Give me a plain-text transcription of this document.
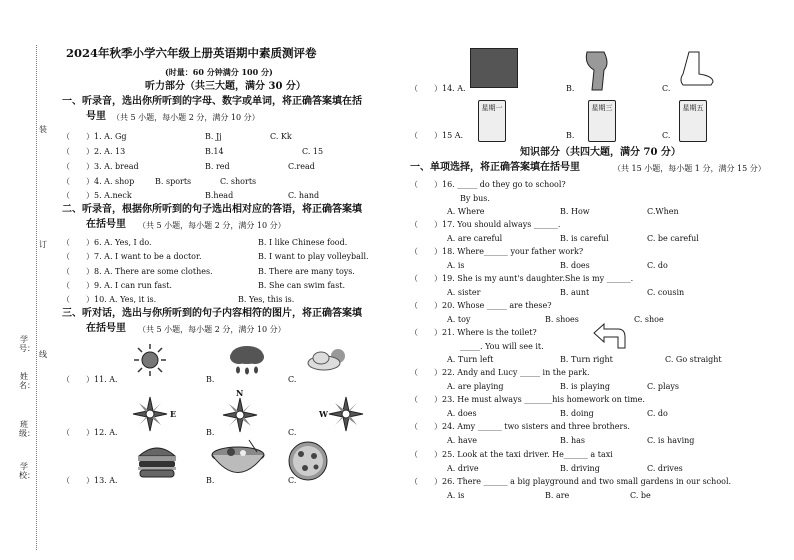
装
订
线
学号：
姓名：
班级：
学校：
2024年秋季小学六年级上册英语期中素质测评卷
(时量：60 分钟满分 100 分)
听力部分（共三大题，满分 30 分）
一、听录音，选出你所听到的字母、数字或单词，将正确答案填在括
号里 （共 5 小题，每小题 2 分，满分 10 分）
（　　）1. A. Gg	B. Jj	C. Kk
（　　）2. A. 13	B.14	C. 15
（　　）3. A. bread	B. red	C.read
（　　）4. A. shop	B. sports	C. shorts
（　　）5. A.neck	B.head	C. hand
二、听录音，根据你所听到的句子选出相对应的答语，将正确答案填
在括号里 （共 5 小题，每小题 2 分，满分 10 分）
（　　）6. A. Yes, I do.	B. I like Chinese food.
（　　）7. A. I want to be a doctor.	B. I want to play volleyball.
（　　）8. A. There are some clothes.	B. There are many toys.
（　　）9. A. I can run fast.	B. She can swim fast.
（　　）10. A. Yes, it is.	B. Yes, this is.
三、听对话，选出与你所听到的句子内容相符的图片，将正确答案填
在括号里 （共 5 小题，每小题 2 分，满分 10 分）
（　　）11. A.	B.	C.
（　　）12. A.	B.	C.
E
N
W
（　　）13. A.	B.	C.
（　　）14. A.	B.	C.
（　　）15 A.	B.	C.
星期一	星期三	星期五
知识部分（共四大题，满分 70 分）
一、单项选择，将正确答案填在括号里	（共 15 小题，每小题 1 分，满分 15 分）
（　　）16. _____ do they go to school?
By bus.
A. Where	B. How	C.When
（　　）17. You should always ______.
A. are careful	B. is careful	C. be careful
（　　）18. Where______ your father work?
A. is	B. does	C. do
（　　）19. She is my aunt's daughter.She is my ______.
A. sister	B. aunt	C. cousin
（　　）20. Whose _____ are these?
A. toy	B. shoes	C. shoe
（　　）21. Where is the toilet?
_____. You will see it.
A. Turn left	B. Turn right	C. Go straight
（　　）22. Andy and Lucy _____ in the park.
A. are playing	B. is playing	C. plays
（　　）23. He must always _______his homework on time.
A. does	B. doing	C. do
（　　）24. Amy ______ two sisters and three brothers.
A. have	B. has	C. is having
（　　）25. Look at the taxi driver. He______ a taxi
A. drive	B. driving	C. drives
（　　）26. There ______ a big playground and two small gardens in our school.
A. is	B. are	C. be
